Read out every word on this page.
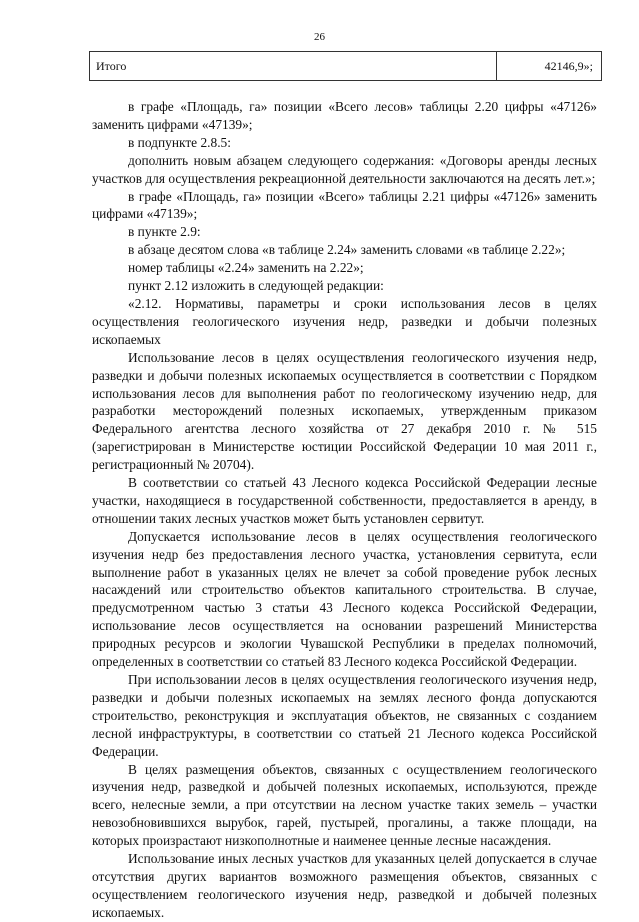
26
Итого	42146,9»;

в графе «Площадь, га» позиции «Всего лесов» таблицы 2.20 цифры «47126» заменить цифрами «47139»;

в подпункте 2.8.5:

дополнить новым абзацем следующего содержания: «Договоры аренды лесных участков для осуществления рекреационной деятельности заключаются на десять лет.»;

в графе «Площадь, га» позиции «Всего» таблицы 2.21 цифры «47126» заменить цифрами «47139»;

в пункте 2.9:

в абзаце десятом слова «в таблице 2.24» заменить словами «в таблице 2.22»;

номер таблицы «2.24» заменить на 2.22»;

пункт 2.12 изложить в следующей редакции:

«2.12. Нормативы, параметры и сроки использования лесов в целях осуществления геологического изучения недр, разведки и добычи полезных ископаемых

Использование лесов в целях осуществления геологического изучения недр, разведки и добычи полезных ископаемых осуществляется в соответствии с Порядком использования лесов для выполнения работ по геологическому изучению недр, для разработки месторождений полезных ископаемых, утвержденным приказом Федерального агентства лесного хозяйства от 27 декабря 2010 г. № 515 (зарегистрирован в Министерстве юстиции Российской Федерации 10 мая 2011 г., регистрационный № 20704).

В соответствии со статьей 43 Лесного кодекса Российской Федерации лесные участки, находящиеся в государственной собственности, предоставляется в аренду, в отношении таких лесных участков может быть установлен сервитут.

Допускается использование лесов в целях осуществления геологического изучения недр без предоставления лесного участка, установления сервитута, если выполнение работ в указанных целях не влечет за собой проведение рубок лесных насаждений или строительство объектов капитального строительства. В случае, предусмотренном частью 3 статьи 43 Лесного кодекса Российской Федерации, использование лесов осуществляется на основании разрешений Министерства природных ресурсов и экологии Чувашской Республики в пределах полномочий, определенных в соответствии со статьей 83 Лесного кодекса Российской Федерации.

При использовании лесов в целях осуществления геологического изучения недр, разведки и добычи полезных ископаемых на землях лесного фонда допускаются строительство, реконструкция и эксплуатация объектов, не связанных с созданием лесной инфраструктуры, в соответствии со статьей 21 Лесного кодекса Российской Федерации.

В целях размещения объектов, связанных с осуществлением геологического изучения недр, разведкой и добычей полезных ископаемых, используются, прежде всего, нелесные земли, а при отсутствии на лесном участке таких земель – участки невозобновившихся вырубок, гарей, пустырей, прогалины, а также площади, на которых произрастают низкополнотные и наименее ценные лесные насаждения.

Использование иных лесных участков для указанных целей допускается в случае отсутствия других вариантов возможного размещения объектов, связанных с осуществлением геологического изучения недр, разведкой и добычей полезных ископаемых.
